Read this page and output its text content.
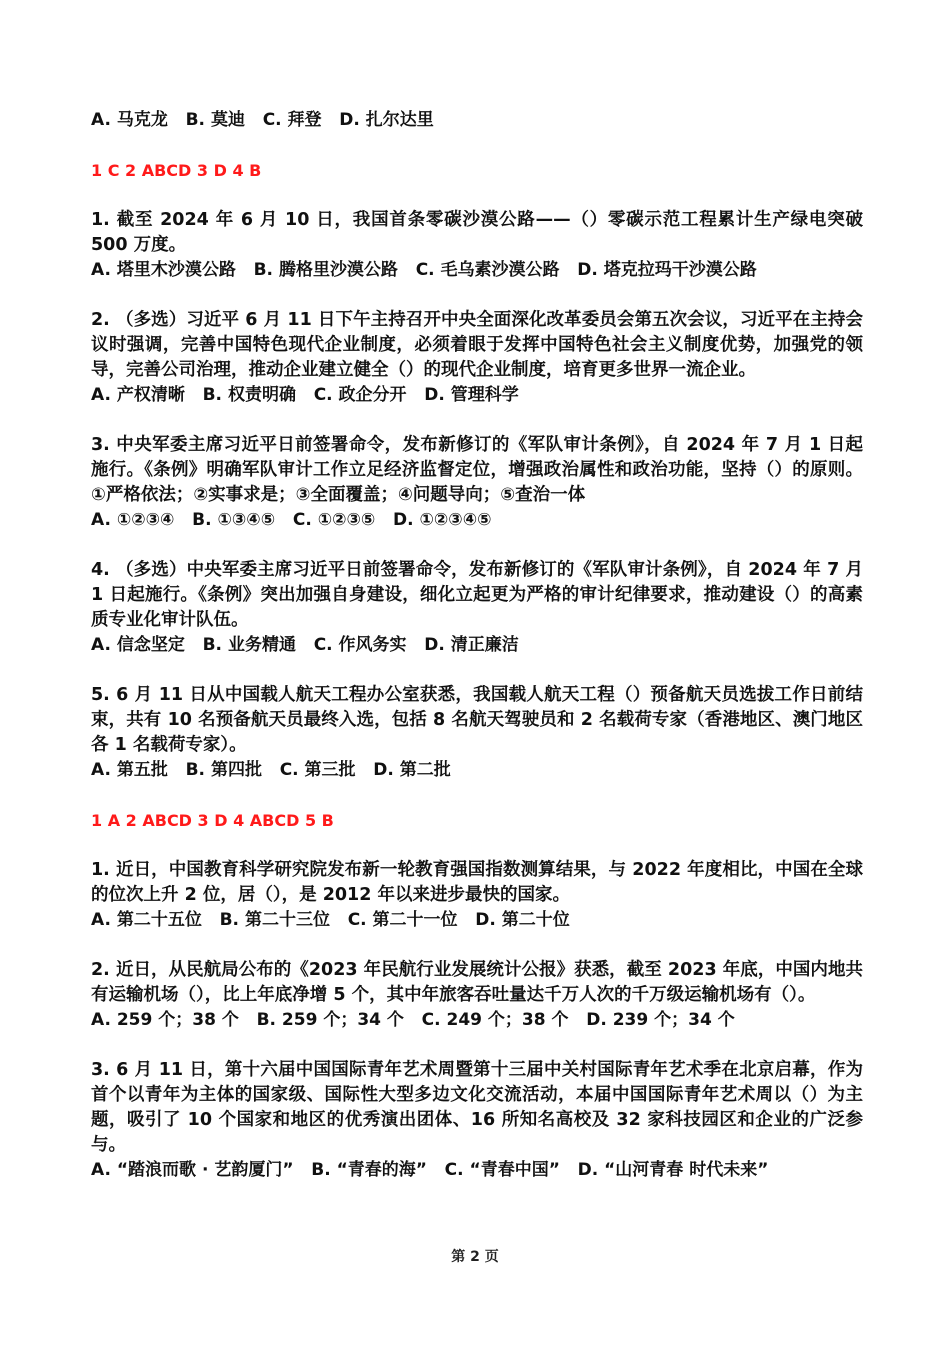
A. 马克龙   B. 莫迪   C. 拜登   D. 扎尔达里

1 C 2 ABCD 3 D 4 B

1. 截至 2024 年 6 月 10 日，我国首条零碳沙漠公路——（）零碳示范工程累计生产绿电突破 500 万度。

A. 塔里木沙漠公路   B. 腾格里沙漠公路   C. 毛乌素沙漠公路   D. 塔克拉玛干沙漠公路

2. （多选）习近平 6 月 11 日下午主持召开中央全面深化改革委员会第五次会议，习近平在主持会议时强调，完善中国特色现代企业制度，必须着眼于发挥中国特色社会主义制度优势，加强党的领导，完善公司治理，推动企业建立健全（）的现代企业制度，培育更多世界一流企业。

A. 产权清晰   B. 权责明确   C. 政企分开   D. 管理科学

3. 中央军委主席习近平日前签署命令，发布新修订的《军队审计条例》，自 2024 年 7 月 1 日起施行。《条例》明确军队审计工作立足经济监督定位，增强政治属性和政治功能，坚持（）的原则。①严格依法；②实事求是；③全面覆盖；④问题导向；⑤查治一体

A. ①②③④   B. ①③④⑤   C. ①②③⑤   D. ①②③④⑤

4. （多选）中央军委主席习近平日前签署命令，发布新修订的《军队审计条例》，自 2024 年 7 月 1 日起施行。《条例》突出加强自身建设，细化立起更为严格的审计纪律要求，推动建设（）的高素质专业化审计队伍。

A. 信念坚定   B. 业务精通   C. 作风务实   D. 清正廉洁

5. 6 月 11 日从中国载人航天工程办公室获悉，我国载人航天工程（）预备航天员选拔工作日前结束，共有 10 名预备航天员最终入选，包括 8 名航天驾驶员和 2 名载荷专家（香港地区、澳门地区各 1 名载荷专家）。

A. 第五批   B. 第四批   C. 第三批   D. 第二批

1 A 2 ABCD 3 D 4 ABCD 5 B

1. 近日，中国教育科学研究院发布新一轮教育强国指数测算结果，与 2022 年度相比，中国在全球的位次上升 2 位，居（），是 2012 年以来进步最快的国家。

A. 第二十五位   B. 第二十三位   C. 第二十一位   D. 第二十位

2. 近日，从民航局公布的《2023 年民航行业发展统计公报》获悉，截至 2023 年底，中国内地共有运输机场（），比上年底净增 5 个，其中年旅客吞吐量达千万人次的千万级运输机场有（）。

A. 259 个；38 个   B. 259 个；34 个   C. 249 个；38 个   D. 239 个；34 个

3. 6 月 11 日，第十六届中国国际青年艺术周暨第十三届中关村国际青年艺术季在北京启幕，作为首个以青年为主体的国家级、国际性大型多边文化交流活动，本届中国国际青年艺术周以（）为主题，吸引了 10 个国家和地区的优秀演出团体、16 所知名高校及 32 家科技园区和企业的广泛参与。

A. “踏浪而歌 · 艺韵厦门”   B. “青春的海”   C. “青春中国”   D. “山河青春 时代未来”

第 2 页
